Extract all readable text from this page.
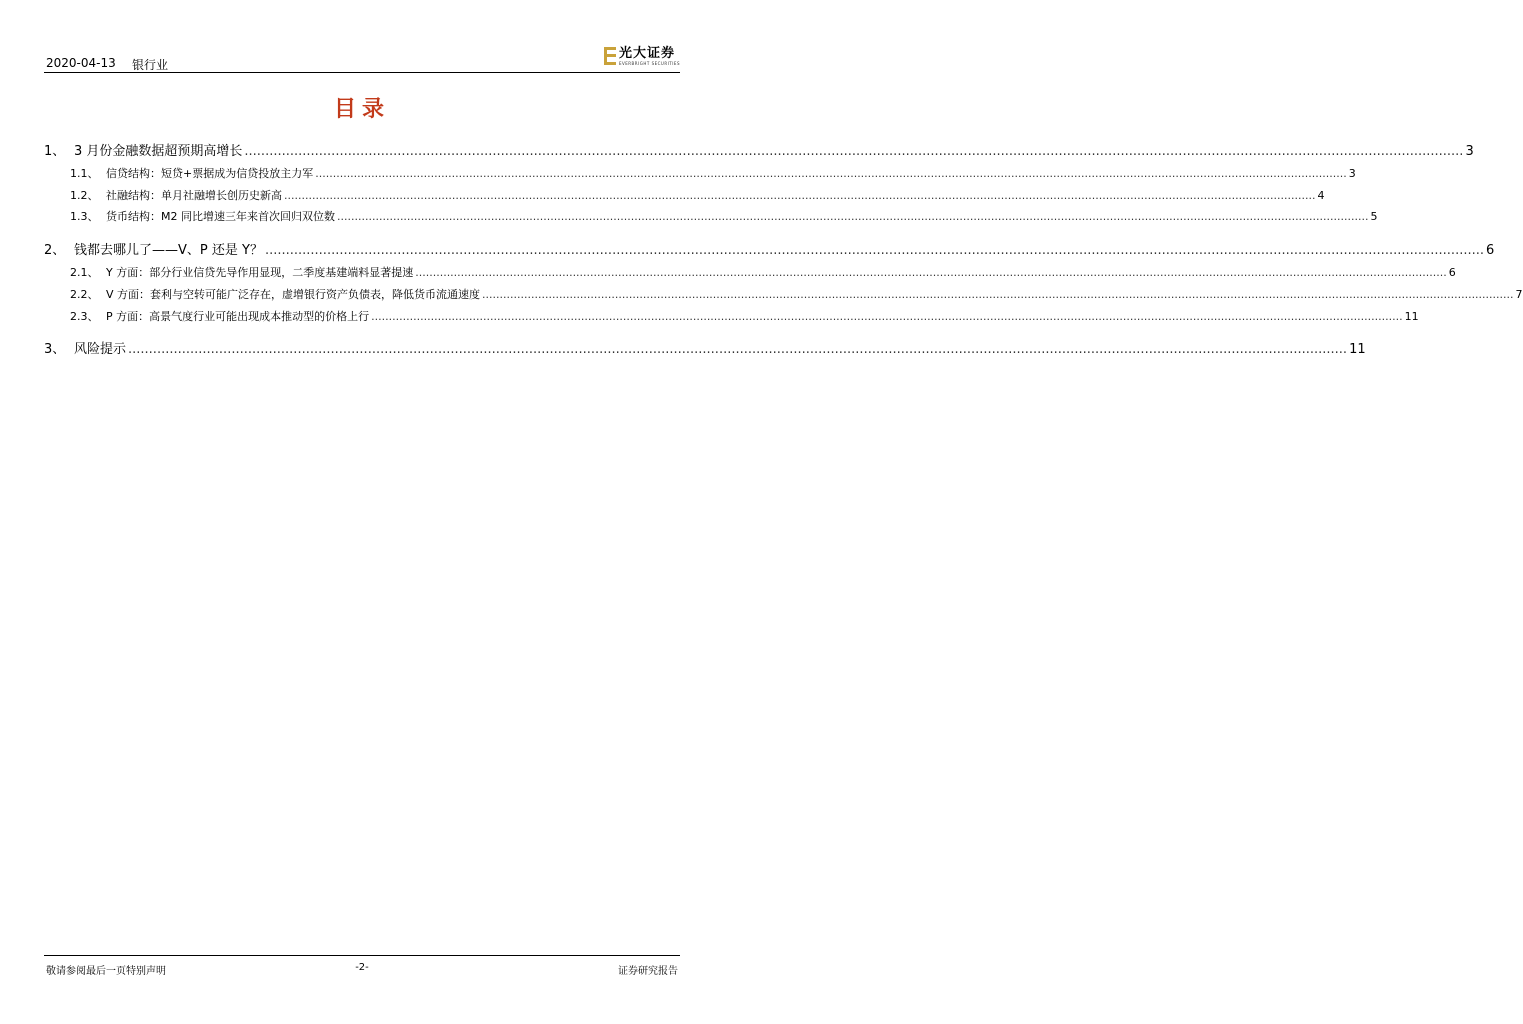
2020-04-13 银行业
光大证券
EVERBRIGHT SECURITIES
目录
1、 3 月份金融数据超预期高增长 .....	3
1.1、 信贷结构：短贷+票据成为信贷投放主力军 .....	3
1.2、 社融结构：单月社融增长创历史新高 .....	4
1.3、 货币结构：M2 同比增速三年来首次回归双位数 .....	5
2、 钱都去哪儿了——V、P 还是 Y？ .....	6
2.1、 Y 方面：部分行业信贷先导作用显现，二季度基建端料显著提速 .....	6
2.2、 V 方面：套利与空转可能广泛存在，虚增银行资产负债表，降低货币流通速度 .....	7
2.3、 P 方面：高景气度行业可能出现成本推动型的价格上行 .....	11
3、 风险提示 .....	11
敬请参阅最后一页特别声明	-2-	证券研究报告
